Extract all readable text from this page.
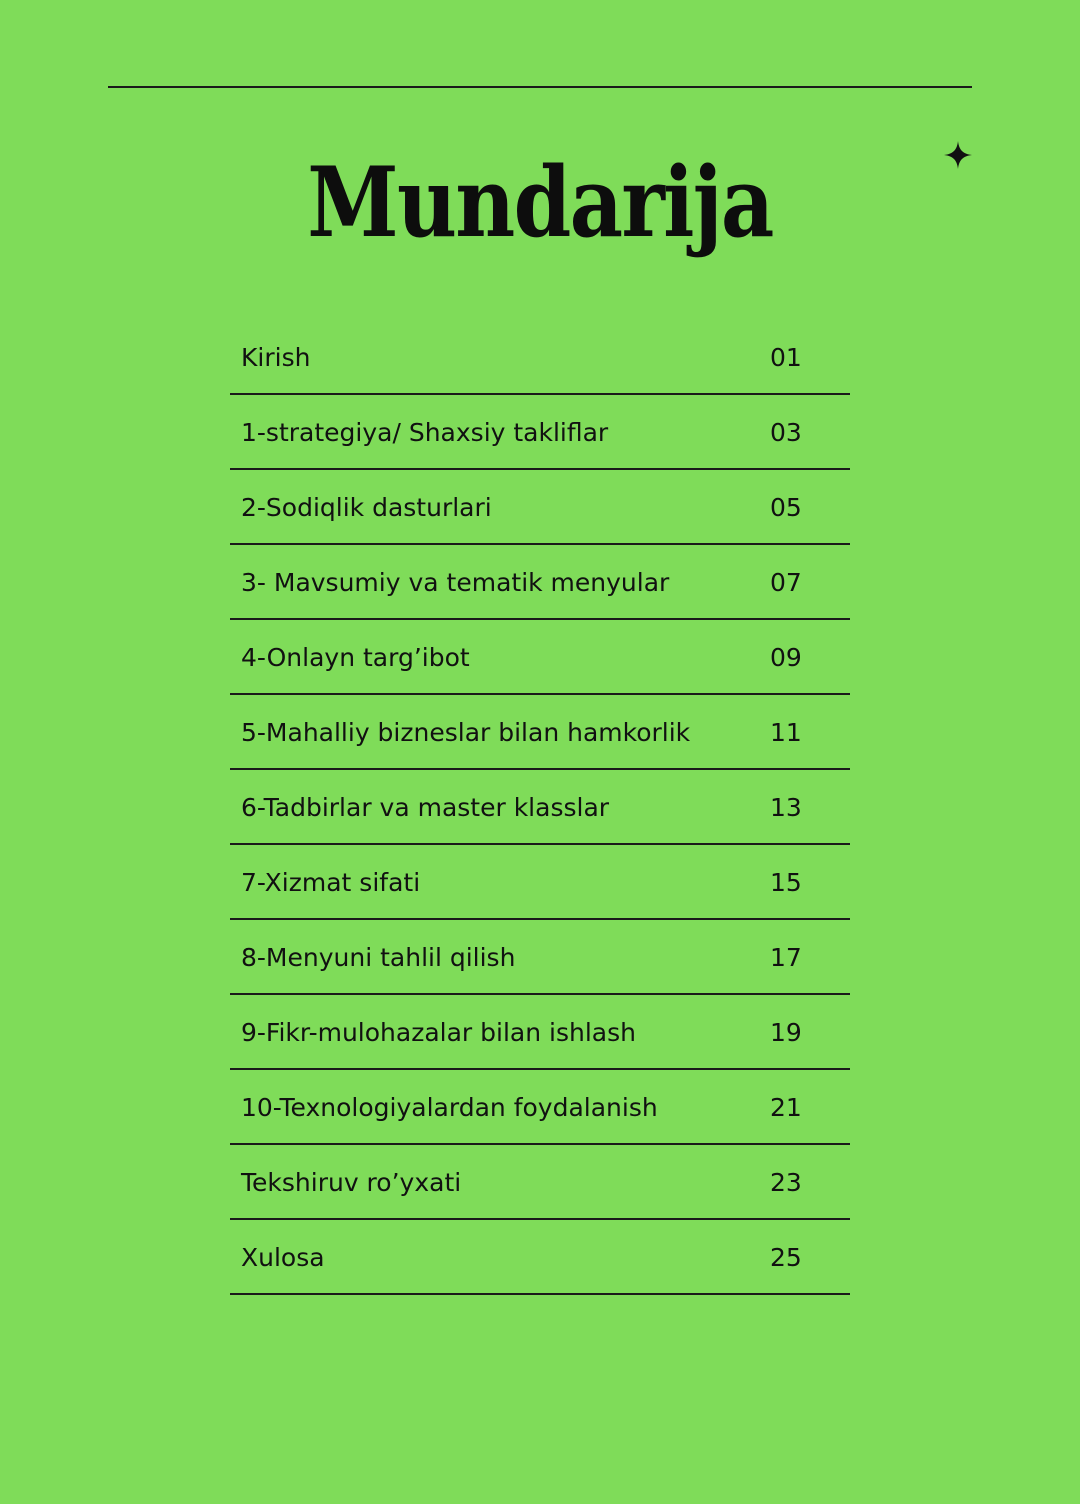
Mundarija
Kirish	01
1-strategiya/ Shaxsiy takliflar	03
2-Sodiqlik dasturlari	05
3- Mavsumiy va tematik menyular	07
4-Onlayn targ’ibot	09
5-Mahalliy bizneslar bilan hamkorlik	11
6-Tadbirlar va master klasslar	13
7-Xizmat sifati	15
8-Menyuni tahlil qilish	17
9-Fikr-mulohazalar bilan ishlash	19
10-Texnologiyalardan foydalanish	21
Tekshiruv ro’yxati	23
Xulosa	25
